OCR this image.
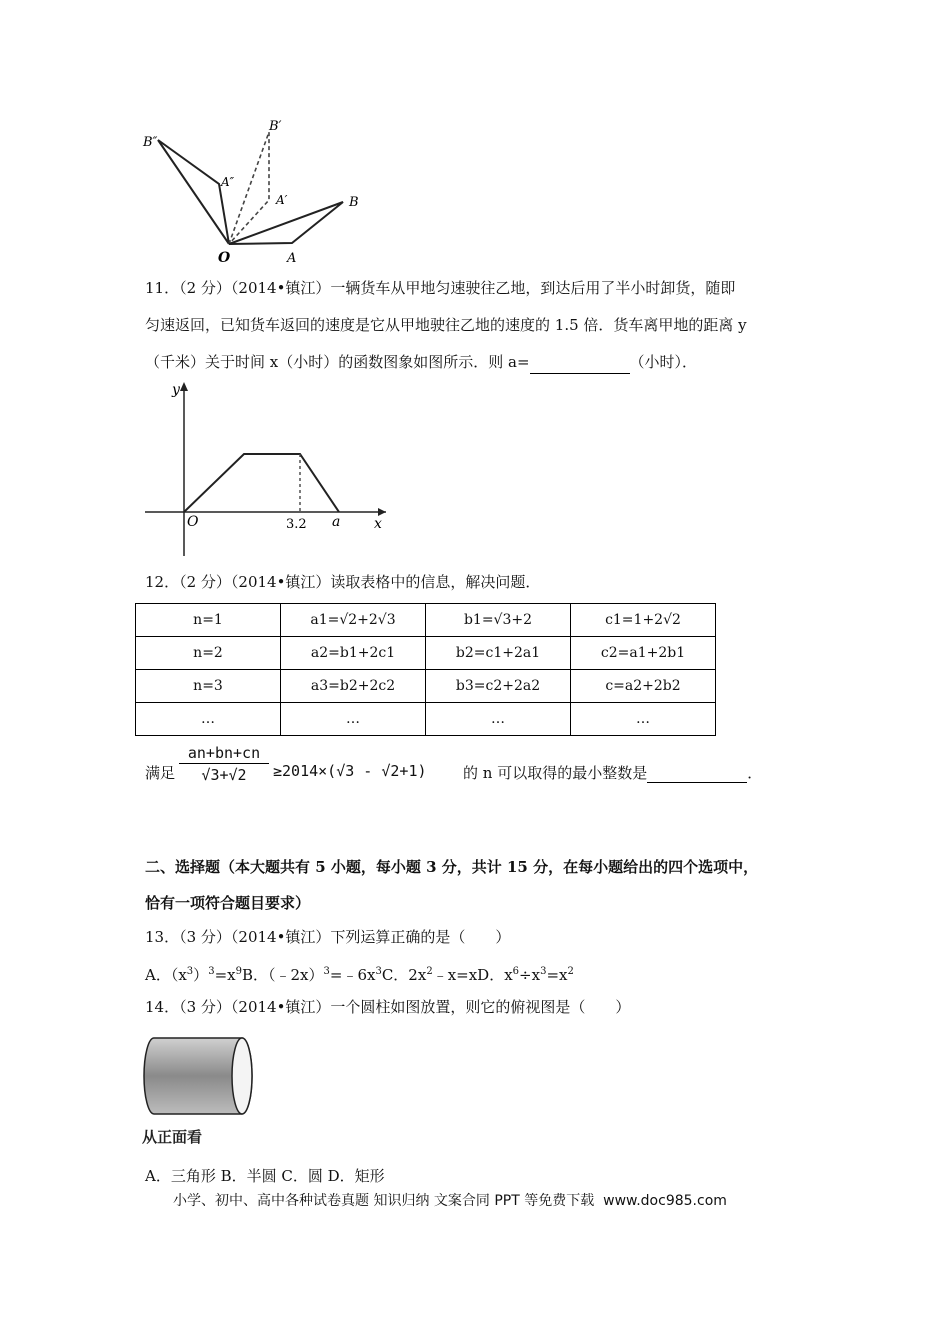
B″
A″
B′
A′	B
O	A
11．（2 分）（2014•镇江）一辆货车从甲地匀速驶往乙地，到达后用了半小时卸货，随即
匀速返回，已知货车返回的速度是它从甲地驶往乙地的速度的 1.5 倍．货车离甲地的距离 y
（千米）关于时间 x（小时）的函数图象如图所示．则 a=	（小时）．
y
x
O	3.2 a
12．（2 分）（2014•镇江）读取表格中的信息，解决问题．
n=1	a1=√2+2√3	b1=√3+2	c1=1+2√2
n=2	a2=b1+2c1	b2=c1+2a1	c2=a1+2b1
n=3	a3=b2+2c2	b3=c2+2a2	c=a2+2b2
…	…	…	…
满足 $\frac{an+bn+cn}{√3+√2} \ge 2014\times(√3 - √2+1)$ 的 n 可以取得的最小整数是	．
二、选择题（本大题共有 5 小题，每小题 3 分，共计 15 分，在每小题给出的四个选项中，
恰有一项符合题目要求）
13．（3 分）（2014•镇江）下列运算正确的是（　　）
A．$(x^3)^3=x^9B$．$(﹣2x)^3=﹣6x^3C$．$2x^2﹣x=xD$．$x^6\div x^3=x^2$
14．（3 分）（2014•镇江）一个圆柱如图放置，则它的俯视图是（　　）
从正面看
A．三角形 B．半圆 C．圆 D．矩形
小学、初中、高中各种试卷真题 知识归纳 文案合同 PPT 等免费下载 www.doc985.com
